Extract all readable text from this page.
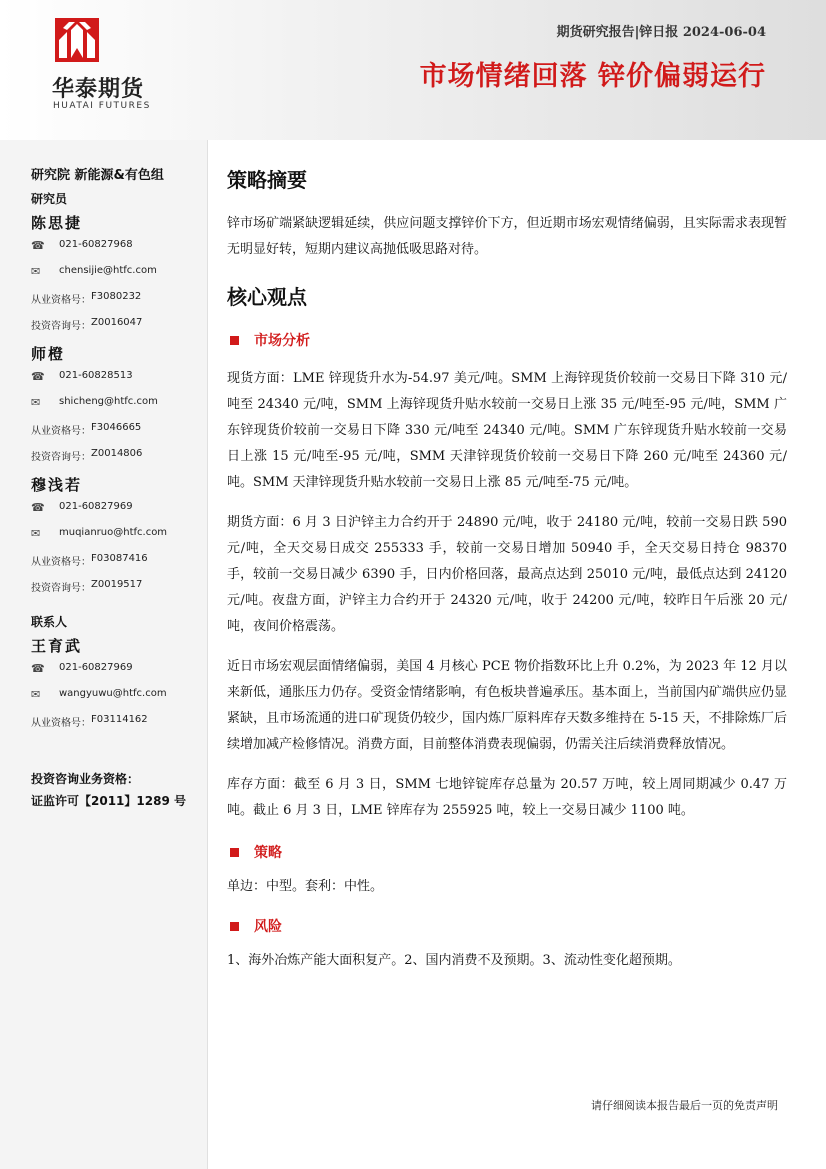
华泰期货
HUATAI FUTURES
期货研究报告|锌日报 2024-06-04
市场情绪回落 锌价偏弱运行
研究院 新能源&有色组
研究员
陈思捷
☎	021-60827968
✉	chensijie@htfc.com
从业资格号： F3080232
投资咨询号： Z0016047
师橙
☎	021-60828513
✉	shicheng@htfc.com
从业资格号： F3046665
投资咨询号： Z0014806
穆浅若
☎	021-60827969
✉	muqianruo@htfc.com
从业资格号： F03087416
投资咨询号： Z0019517
联系人
王育武
☎	021-60827969
✉	wangyuwu@htfc.com
从业资格号： F03114162
投资咨询业务资格：
证监许可【2011】1289 号
策略摘要

锌市场矿端紧缺逻辑延续，供应问题支撑锌价下方，但近期市场宏观情绪偏弱，且实际需求表现暂无明显好转，短期内建议高抛低吸思路对待。

核心观点
市场分析

现货方面：LME 锌现货升水为-54.97 美元/吨。SMM 上海锌现货价较前一交易日下降 310 元/吨至 24340 元/吨，SMM 上海锌现货升贴水较前一交易日上涨 35 元/吨至-95 元/吨，SMM 广东锌现货价较前一交易日下降 330 元/吨至 24340 元/吨。SMM 广东锌现货升贴水较前一交易日上涨 15 元/吨至-95 元/吨，SMM 天津锌现货价较前一交易日下降 260 元/吨至 24360 元/吨。SMM 天津锌现货升贴水较前一交易日上涨 85 元/吨至-75 元/吨。

期货方面：6 月 3 日沪锌主力合约开于 24890 元/吨，收于 24180 元/吨，较前一交易日跌 590 元/吨，全天交易日成交 255333 手，较前一交易日增加 50940 手，全天交易日持仓 98370 手，较前一交易日减少 6390 手，日内价格回落，最高点达到 25010 元/吨，最低点达到 24120 元/吨。夜盘方面，沪锌主力合约开于 24320 元/吨，收于 24200 元/吨，较昨日午后涨 20 元/吨，夜间价格震荡。

近日市场宏观层面情绪偏弱，美国 4 月核心 PCE 物价指数环比上升 0.2%，为 2023 年 12 月以来新低，通胀压力仍存。受资金情绪影响，有色板块普遍承压。基本面上，当前国内矿端供应仍显紧缺，且市场流通的进口矿现货仍较少，国内炼厂原料库存天数多维持在 5-15 天，不排除炼厂后续增加减产检修情况。消费方面，目前整体消费表现偏弱，仍需关注后续消费释放情况。

库存方面：截至 6 月 3 日，SMM 七地锌锭库存总量为 20.57 万吨，较上周同期减少 0.47 万吨。截止 6 月 3 日，LME 锌库存为 255925 吨，较上一交易日减少 1100 吨。

策略

单边：中型。套利：中性。

风险

1、海外冶炼产能大面积复产。2、国内消费不及预期。3、流动性变化超预期。

请仔细阅读本报告最后一页的免责声明
